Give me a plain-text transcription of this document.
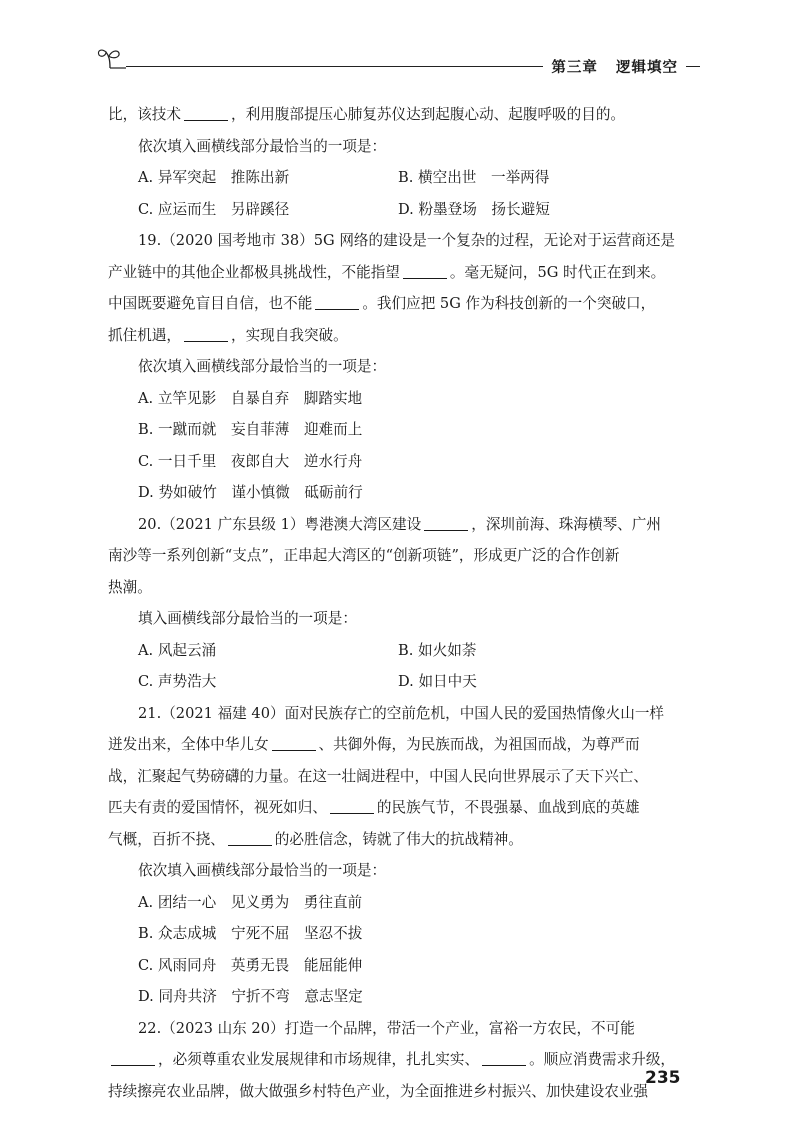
第三章 逻辑填空
比，该技术	，利用腹部提压心肺复苏仪达到起腹心动、起腹呼吸的目的。
依次填入画横线部分最恰当的一项是：
A. 异军突起　推陈出新	B. 横空出世　一举两得
C. 应运而生　另辟蹊径	D. 粉墨登场　扬长避短
19.（2020 国考地市 38）5G 网络的建设是一个复杂的过程，无论对于运营商还是
产业链中的其他企业都极具挑战性，不能指望	。毫无疑问，5G 时代正在到来。
中国既要避免盲目自信，也不能	。我们应把 5G 作为科技创新的一个突破口，
抓住机遇，	，实现自我突破。
依次填入画横线部分最恰当的一项是：
A. 立竿见影　自暴自弃　脚踏实地
B. 一蹴而就　妄自菲薄　迎难而上
C. 一日千里　夜郎自大　逆水行舟
D. 势如破竹　谨小慎微　砥砺前行
20.（2021 广东县级 1）粤港澳大湾区建设	，深圳前海、珠海横琴、广州
南沙等一系列创新“支点”，正串起大湾区的“创新项链”，形成更广泛的合作创新
热潮。
填入画横线部分最恰当的一项是：
A. 风起云涌	B. 如火如荼
C. 声势浩大	D. 如日中天
21.（2021 福建 40）面对民族存亡的空前危机，中国人民的爱国热情像火山一样
迸发出来，全体中华儿女	、共御外侮，为民族而战，为祖国而战，为尊严而
战，汇聚起气势磅礴的力量。在这一壮阔进程中，中国人民向世界展示了天下兴亡、
匹夫有责的爱国情怀，视死如归、	的民族气节，不畏强暴、血战到底的英雄
气概，百折不挠、	的必胜信念，铸就了伟大的抗战精神。
依次填入画横线部分最恰当的一项是：
A. 团结一心　见义勇为　勇往直前
B. 众志成城　宁死不屈　坚忍不拔
C. 风雨同舟　英勇无畏　能屈能伸
D. 同舟共济　宁折不弯　意志坚定
22.（2023 山东 20）打造一个品牌，带活一个产业，富裕一方农民，不可能
，必须尊重农业发展规律和市场规律，扎扎实实、	。顺应消费需求升级，
持续擦亮农业品牌，做大做强乡村特色产业，为全面推进乡村振兴、加快建设农业强
235
